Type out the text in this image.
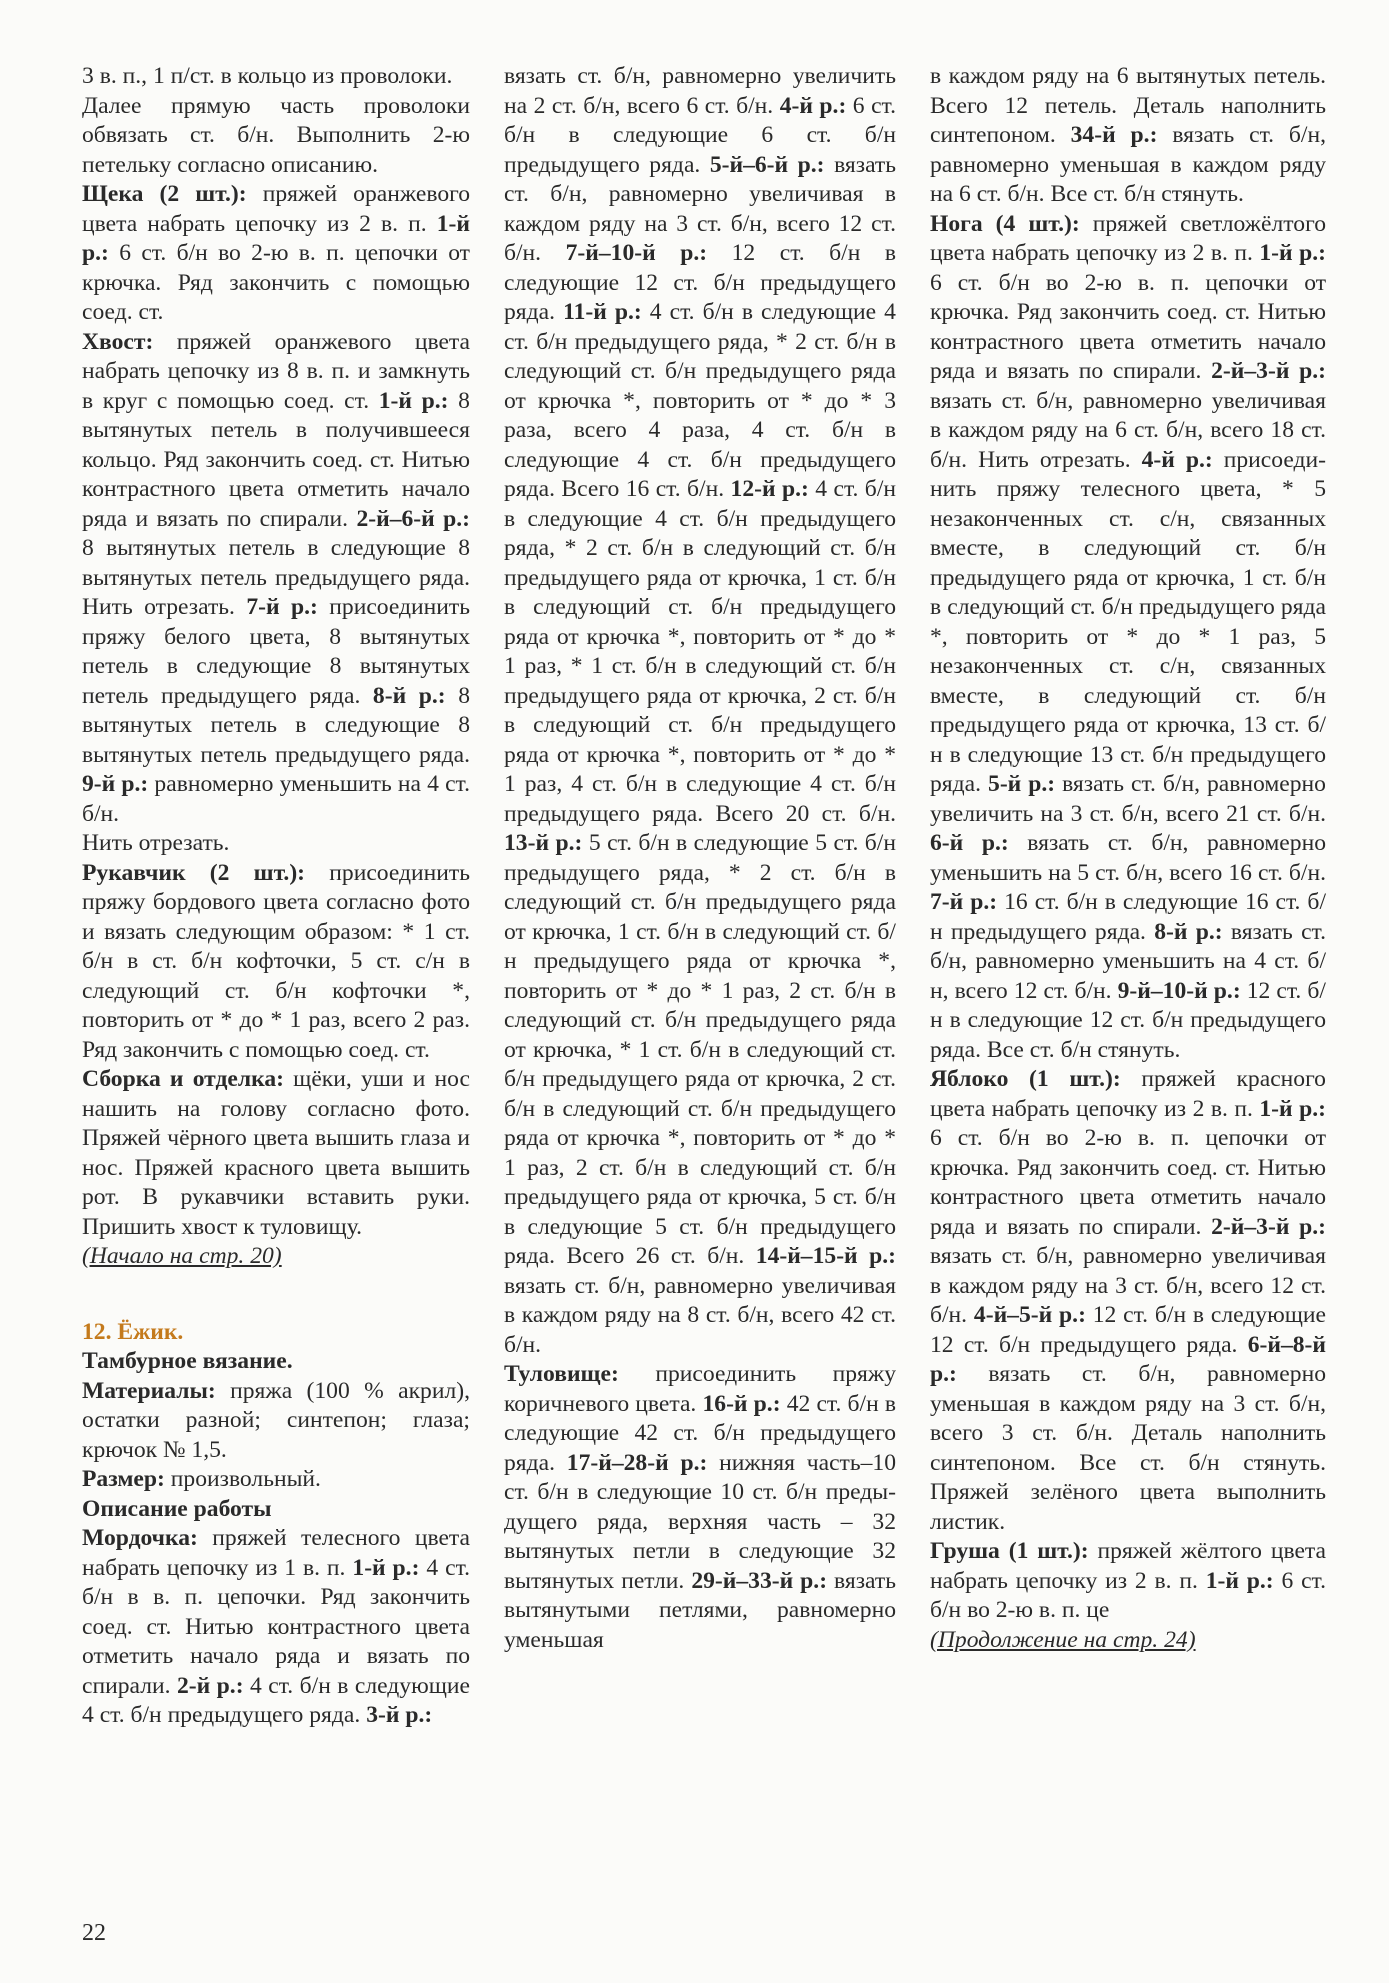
3 в. п., 1 п/ст. в кольцо из проволоки.

Далее прямую часть проволоки обвязать ст. б/н. Выполнить 2-ю петельку согласно описанию.

Щека (2 шт.): пряжей оранжевого цвета набрать цепочку из 2 в. п. 1-й р.: 6 ст. б/н во 2-ю в. п. цепочки от крючка. Ряд закончить с помощью соед. ст.

Хвост: пряжей оранжевого цвета набрать цепочку из 8 в. п. и замкнуть в круг с помощью соед. ст. 1-й р.: 8 вытянутых петель в получившееся кольцо. Ряд закончить соед. ст. Нитью контрастного цвета отметить начало ряда и вязать по спирали. 2-й–6-й р.: 8 вытянутых петель в следующие 8 вытянутых петель предыдущего ряда. Нить отрезать. 7-й р.: присоединить пряжу белого цвета, 8 вытянутых петель в следующие 8 вытянутых петель предыдущего ряда. 8-й р.: 8 вытянутых петель в следующие 8 вытянутых петель предыдущего ряда. 9-й р.: равномерно уменьшить на 4 ст. б/н.

Нить отрезать.

Рукавчик (2 шт.): присоединить пряжу бордового цвета согласно фото и вязать следующим образом: * 1 ст. б/н в ст. б/н кофточки, 5 ст. с/н в следующий ст. б/н кофточки *, повторить от * до * 1 раз, всего 2 раз. Ряд закончить с помощью соед. ст.

Сборка и отделка: щёки, уши и нос нашить на голову согласно фото. Пряжей чёрного цвета вышить глаза и нос. Пряжей красного цвета вышить рот. В рукавчики вставить руки. Пришить хвост к туловищу.

(Начало на стр. 20)

12. Ёжик.

Тамбурное вязание.

Материалы: пряжа (100 % акрил), остатки разной; синтепон; глаза; крючок № 1,5.

Размер: произвольный.

Описание работы

Мордочка: пряжей телесного цвета набрать цепочку из 1 в. п. 1-й р.: 4 ст. б/н в в. п. цепочки. Ряд закончить соед. ст. Нитью контрастного цвета отметить начало ряда и вязать по спирали. 2-й р.: 4 ст. б/н в следующие 4 ст. б/н предыдущего ряда. 3-й р.:

вязать ст. б/н, равномерно увеличить на 2 ст. б/н, всего 6 ст. б/н. 4-й р.: 6 ст. б/н в следующие 6 ст. б/н предыдущего ряда. 5-й–6-й р.: вязать ст. б/н, равномерно увеличивая в каждом ряду на 3 ст. б/н, всего 12 ст. б/н. 7-й–10-й р.: 12 ст. б/н в следующие 12 ст. б/н предыдущего ряда. 11-й р.: 4 ст. б/н в следующие 4 ст. б/н предыдущего ряда, * 2 ст. б/н в следующий ст. б/н предыдущего ряда от крючка *, повторить от * до * 3 раза, всего 4 раза, 4 ст. б/н в следующие 4 ст. б/н предыдущего ряда. Всего 16 ст. б/н. 12-й р.: 4 ст. б/н в следующие 4 ст. б/н предыдущего ряда, * 2 ст. б/н в следующий ст. б/н предыдущего ряда от крючка, 1 ст. б/н в следующий ст. б/н предыдущего ряда от крючка *, повторить от * до * 1 раз, * 1 ст. б/н в следующий ст. б/н предыдущего ряда от крючка, 2 ст. б/н в следующий ст. б/н предыдущего ряда от крючка *, повторить от * до * 1 раз, 4 ст. б/н в следующие 4 ст. б/н предыдущего ряда. Всего 20 ст. б/н. 13-й р.: 5 ст. б/н в следующие 5 ст. б/н предыдущего ряда, * 2 ст. б/н в следующий ст. б/н предыдущего ряда от крючка, 1 ст. б/н в следующий ст. б/н предыдущего ряда от крючка *, повторить от * до * 1 раз, 2 ст. б/н в следующий ст. б/н предыдущего ряда от крючка, * 1 ст. б/н в следующий ст. б/н предыдущего ряда от крючка, 2 ст. б/н в следующий ст. б/н предыдущего ряда от крючка *, повторить от * до * 1 раз, 2 ст. б/н в следующий ст. б/н предыдущего ряда от крючка, 5 ст. б/н в следующие 5 ст. б/н предыдущего ряда. Всего 26 ст. б/н. 14-й–15-й р.: вязать ст. б/н, равномерно увеличивая в каждом ряду на 8 ст. б/н, всего 42 ст. б/н.

Туловище: присоединить пряжу коричневого цвета. 16-й р.: 42 ст. б/н в следующие 42 ст. б/н предыдущего ряда. 17-й–28-й р.: нижняя часть–10 ст. б/н в следующие 10 ст. б/н предыдущего ряда, верхняя часть – 32 вытянутых петли в следующие 32 вытянутых петли. 29-й–33-й р.: вязать вытянутыми петлями, равномерно уменьшая

в каждом ряду на 6 вытянутых петель. Всего 12 петель. Деталь наполнить синтепоном. 34-й р.: вязать ст. б/н, равномерно уменьшая в каждом ряду на 6 ст. б/н. Все ст. б/н стянуть.

Нога (4 шт.): пряжей светложёлтого цвета набрать цепочку из 2 в. п. 1-й р.: 6 ст. б/н во 2-ю в. п. цепочки от крючка. Ряд закончить соед. ст. Нитью контрастного цвета отметить начало ряда и вязать по спирали. 2-й–3-й р.: вязать ст. б/н, равномерно увеличивая в каждом ряду на 6 ст. б/н, всего 18 ст. б/н. Нить отрезать. 4-й р.: присоединить пряжу телесного цвета, * 5 незаконченных ст. с/н, связанных вместе, в следующий ст. б/н предыдущего ряда от крючка, 1 ст. б/н в следующий ст. б/н предыдущего ряда *, повторить от * до * 1 раз, 5 незаконченных ст. с/н, связанных вместе, в следующий ст. б/н предыдущего ряда от крючка, 13 ст. б/н в следующие 13 ст. б/н предыдущего ряда. 5-й р.: вязать ст. б/н, равномерно увеличить на 3 ст. б/н, всего 21 ст. б/н. 6-й р.: вязать ст. б/н, равномерно уменьшить на 5 ст. б/н, всего 16 ст. б/н. 7-й р.: 16 ст. б/н в следующие 16 ст. б/н предыдущего ряда. 8-й р.: вязать ст. б/н, равномерно уменьшить на 4 ст. б/н, всего 12 ст. б/н. 9-й–10-й р.: 12 ст. б/н в следующие 12 ст. б/н предыдущего ряда. Все ст. б/н стянуть.

Яблоко (1 шт.): пряжей красного цвета набрать цепочку из 2 в. п. 1-й р.: 6 ст. б/н во 2-ю в. п. цепочки от крючка. Ряд закончить соед. ст. Нитью контрастного цвета отметить начало ряда и вязать по спирали. 2-й–3-й р.: вязать ст. б/н, равномерно увеличивая в каждом ряду на 3 ст. б/н, всего 12 ст. б/н. 4-й–5-й р.: 12 ст. б/н в следующие 12 ст. б/н предыдущего ряда. 6-й–8-й р.: вязать ст. б/н, равномерно уменьшая в каждом ряду на 3 ст. б/н, всего 3 ст. б/н. Деталь наполнить синтепоном. Все ст. б/н стянуть. Пряжей зелёного цвета выполнить листик.

Груша (1 шт.): пряжей жёлтого цвета набрать цепочку из 2 в. п. 1-й р.: 6 ст. б/н во 2-ю в. п. це

(Продолжение на стр. 24)

22
